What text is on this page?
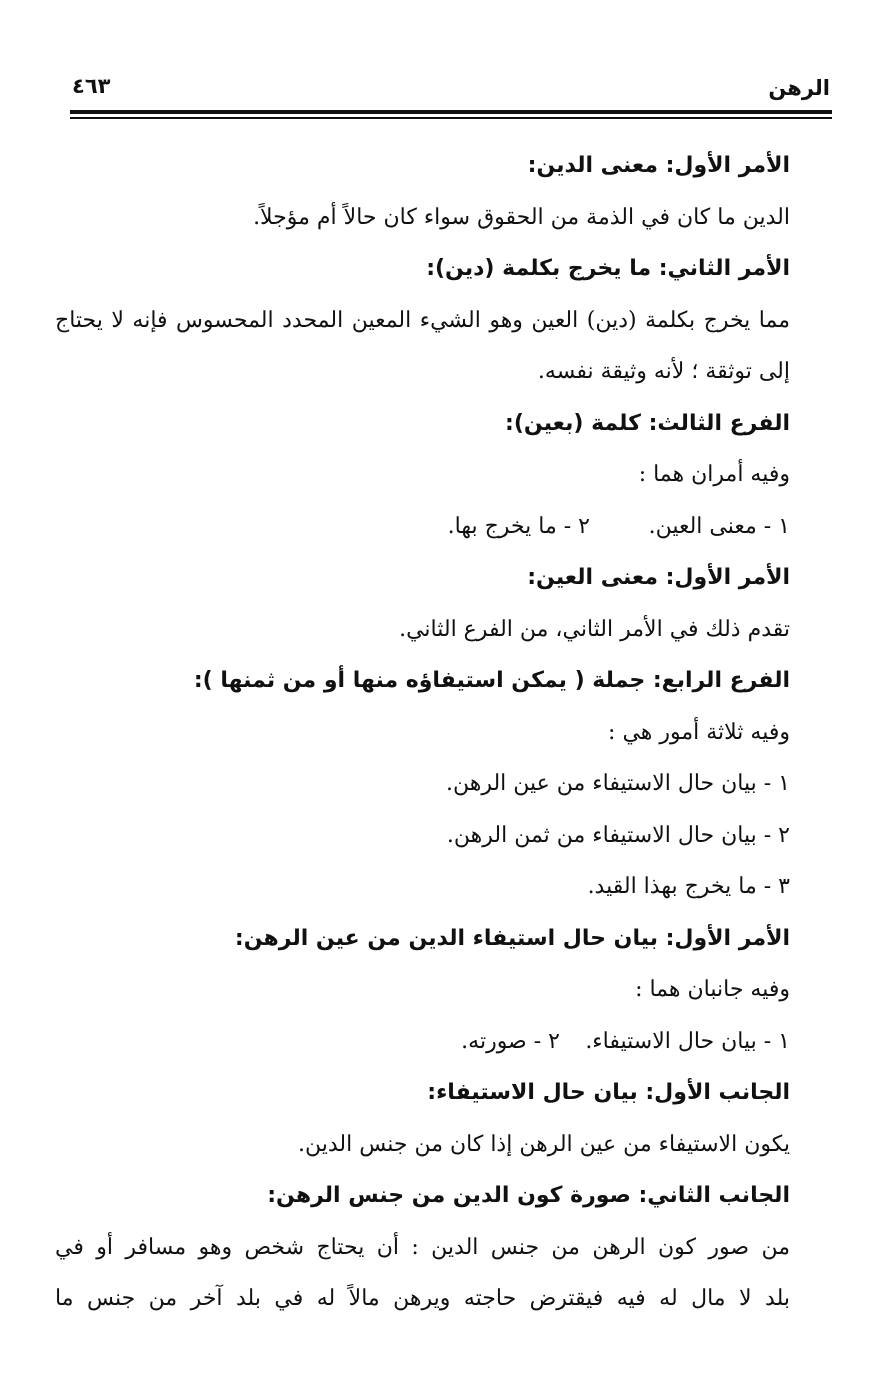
الرهن
٤٦٣
الأمر الأول: معنى الدين:
الدين ما كان في الذمة من الحقوق سواء كان حالاً أم مؤجلاً.
الأمر الثاني: ما يخرج بكلمة (دين):
مما يخرج بكلمة (دين) العين وهو الشيء المعين المحدد المحسوس فإنه لا يحتاج
إلى توثقة ؛ لأنه وثيقة نفسه.
الفرع الثالث: كلمة (بعين):
وفيه أمران هما :
١ - معنى العين.
٢ - ما يخرج بها.
الأمر الأول: معنى العين:
تقدم ذلك في الأمر الثاني، من الفرع الثاني.
الفرع الرابع: جملة ( يمكن استيفاؤه منها أو من ثمنها ):
وفيه ثلاثة أمور هي :
١ - بيان حال الاستيفاء من عين الرهن.
٢ - بيان حال الاستيفاء من ثمن الرهن.
٣ - ما يخرج بهذا القيد.
الأمر الأول: بيان حال استيفاء الدين من عين الرهن:
وفيه جانبان هما :
١ - بيان حال الاستيفاء.
٢ - صورته.
الجانب الأول: بيان حال الاستيفاء:
يكون الاستيفاء من عين الرهن إذا كان من جنس الدين.
الجانب الثاني: صورة كون الدين من جنس الرهن:
من صور كون الرهن من جنس الدين : أن يحتاج شخص وهو مسافر أو في
بلد لا مال له فيه فيقترض حاجته ويرهن مالاً له في بلد آخر من جنس ما
